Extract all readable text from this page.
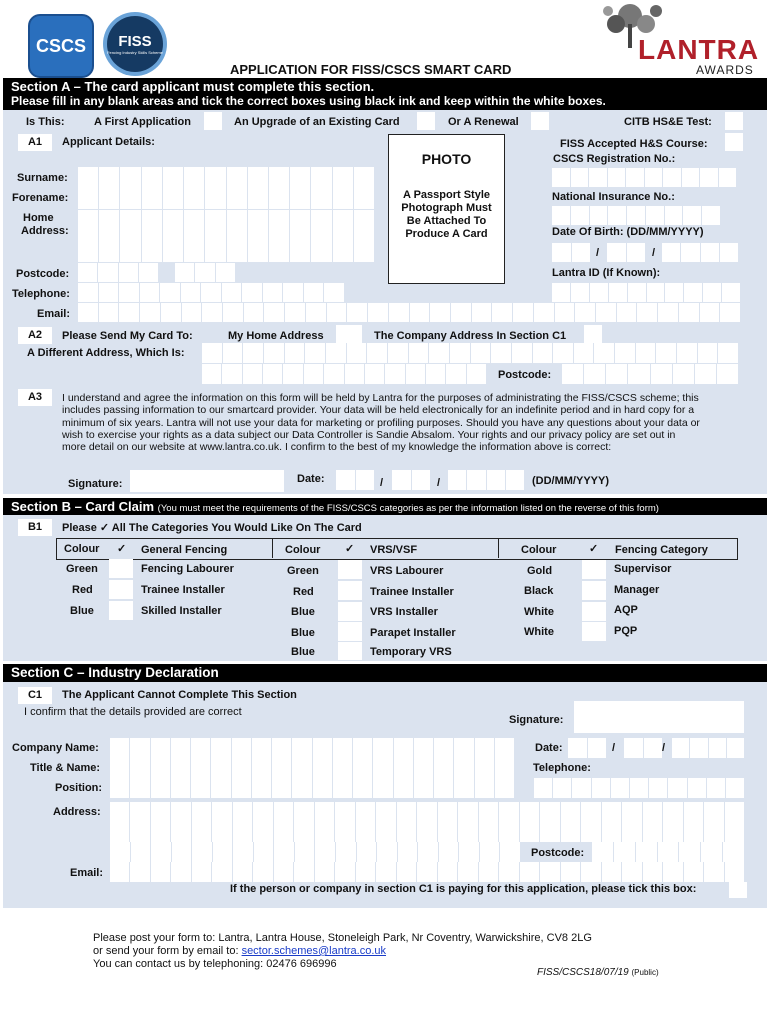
CSCS	FISS
Fencing Industry Skills Scheme	LANTRA
AWARDS
APPLICATION FOR FISS/CSCS SMART CARD
Section A – The card applicant must complete this section.
Please fill in any blank areas and tick the correct boxes using black ink and keep within the white boxes.
Is This:	A First Application	An Upgrade of an Existing Card	Or A Renewal	CITB HS&E Test:
A1	Applicant Details:	FISS Accepted H&S Course:
CSCS Registration No.:
PHOTO
A Passport Style Photograph Must Be Attached To Produce A Card
Surname:
Forename:
Home
Address:
National Insurance No.:
Date Of Birth: (DD/MM/YYYY)
/	/
Postcode:	Lantra ID (If Known):
Telephone:
Email:
A2	Please Send My Card To:	My Home Address	The Company Address In Section C1
A Different Address, Which Is:
Postcode:
A3	I understand and agree the information on this form will be held by Lantra for the purposes of administrating the FISS/CSCS scheme; this includes passing information to our smartcard provider. Your data will be held electronically for an indefinite period and in hard copy for a minimum of six years. Lantra will not use your data for marketing or profiling purposes. Should you have any questions about your data or wish to exercise your rights as a data subject our Data Controller is Sandie Absalom. Your rights and our privacy policy are set out in more detail on our website at www.lantra.co.uk. I confirm to the best of my knowledge the information above is correct:
Signature:	Date:	/	/	(DD/MM/YYYY)
Section B – Card Claim (You must meet the requirements of the FISS/CSCS categories as per the information listed on the reverse of this form)
B1	Please ✓ All The Categories You Would Like On The Card
Colour ✓ General Fencing
Green	Fencing Labourer
Red	Trainee Installer
Blue	Skilled Installer
Colour ✓ VRS/VSF
Green	VRS Labourer
Red	Trainee Installer
Blue	VRS Installer
Blue	Parapet Installer
Blue	Temporary VRS
Colour	✓ Fencing Category
Gold	Supervisor
Black	Manager
White	AQP
White	PQP
Section C – Industry Declaration
C1	The Applicant Cannot Complete This Section
I confirm that the details provided are correct
Signature:
Company Name:	Date:	/	/
Title & Name:	Telephone:
Position:
Address:
Postcode:
Email:
If the person or company in section C1 is paying for this application, please tick this box:
Please post your form to: Lantra, Lantra House, Stoneleigh Park, Nr Coventry, Warwickshire, CV8 2LG
or send your form by email to: sector.schemes@lantra.co.uk
You can contact us by telephoning: 02476 696996
FISS/CSCS18/07/19 (Public)
